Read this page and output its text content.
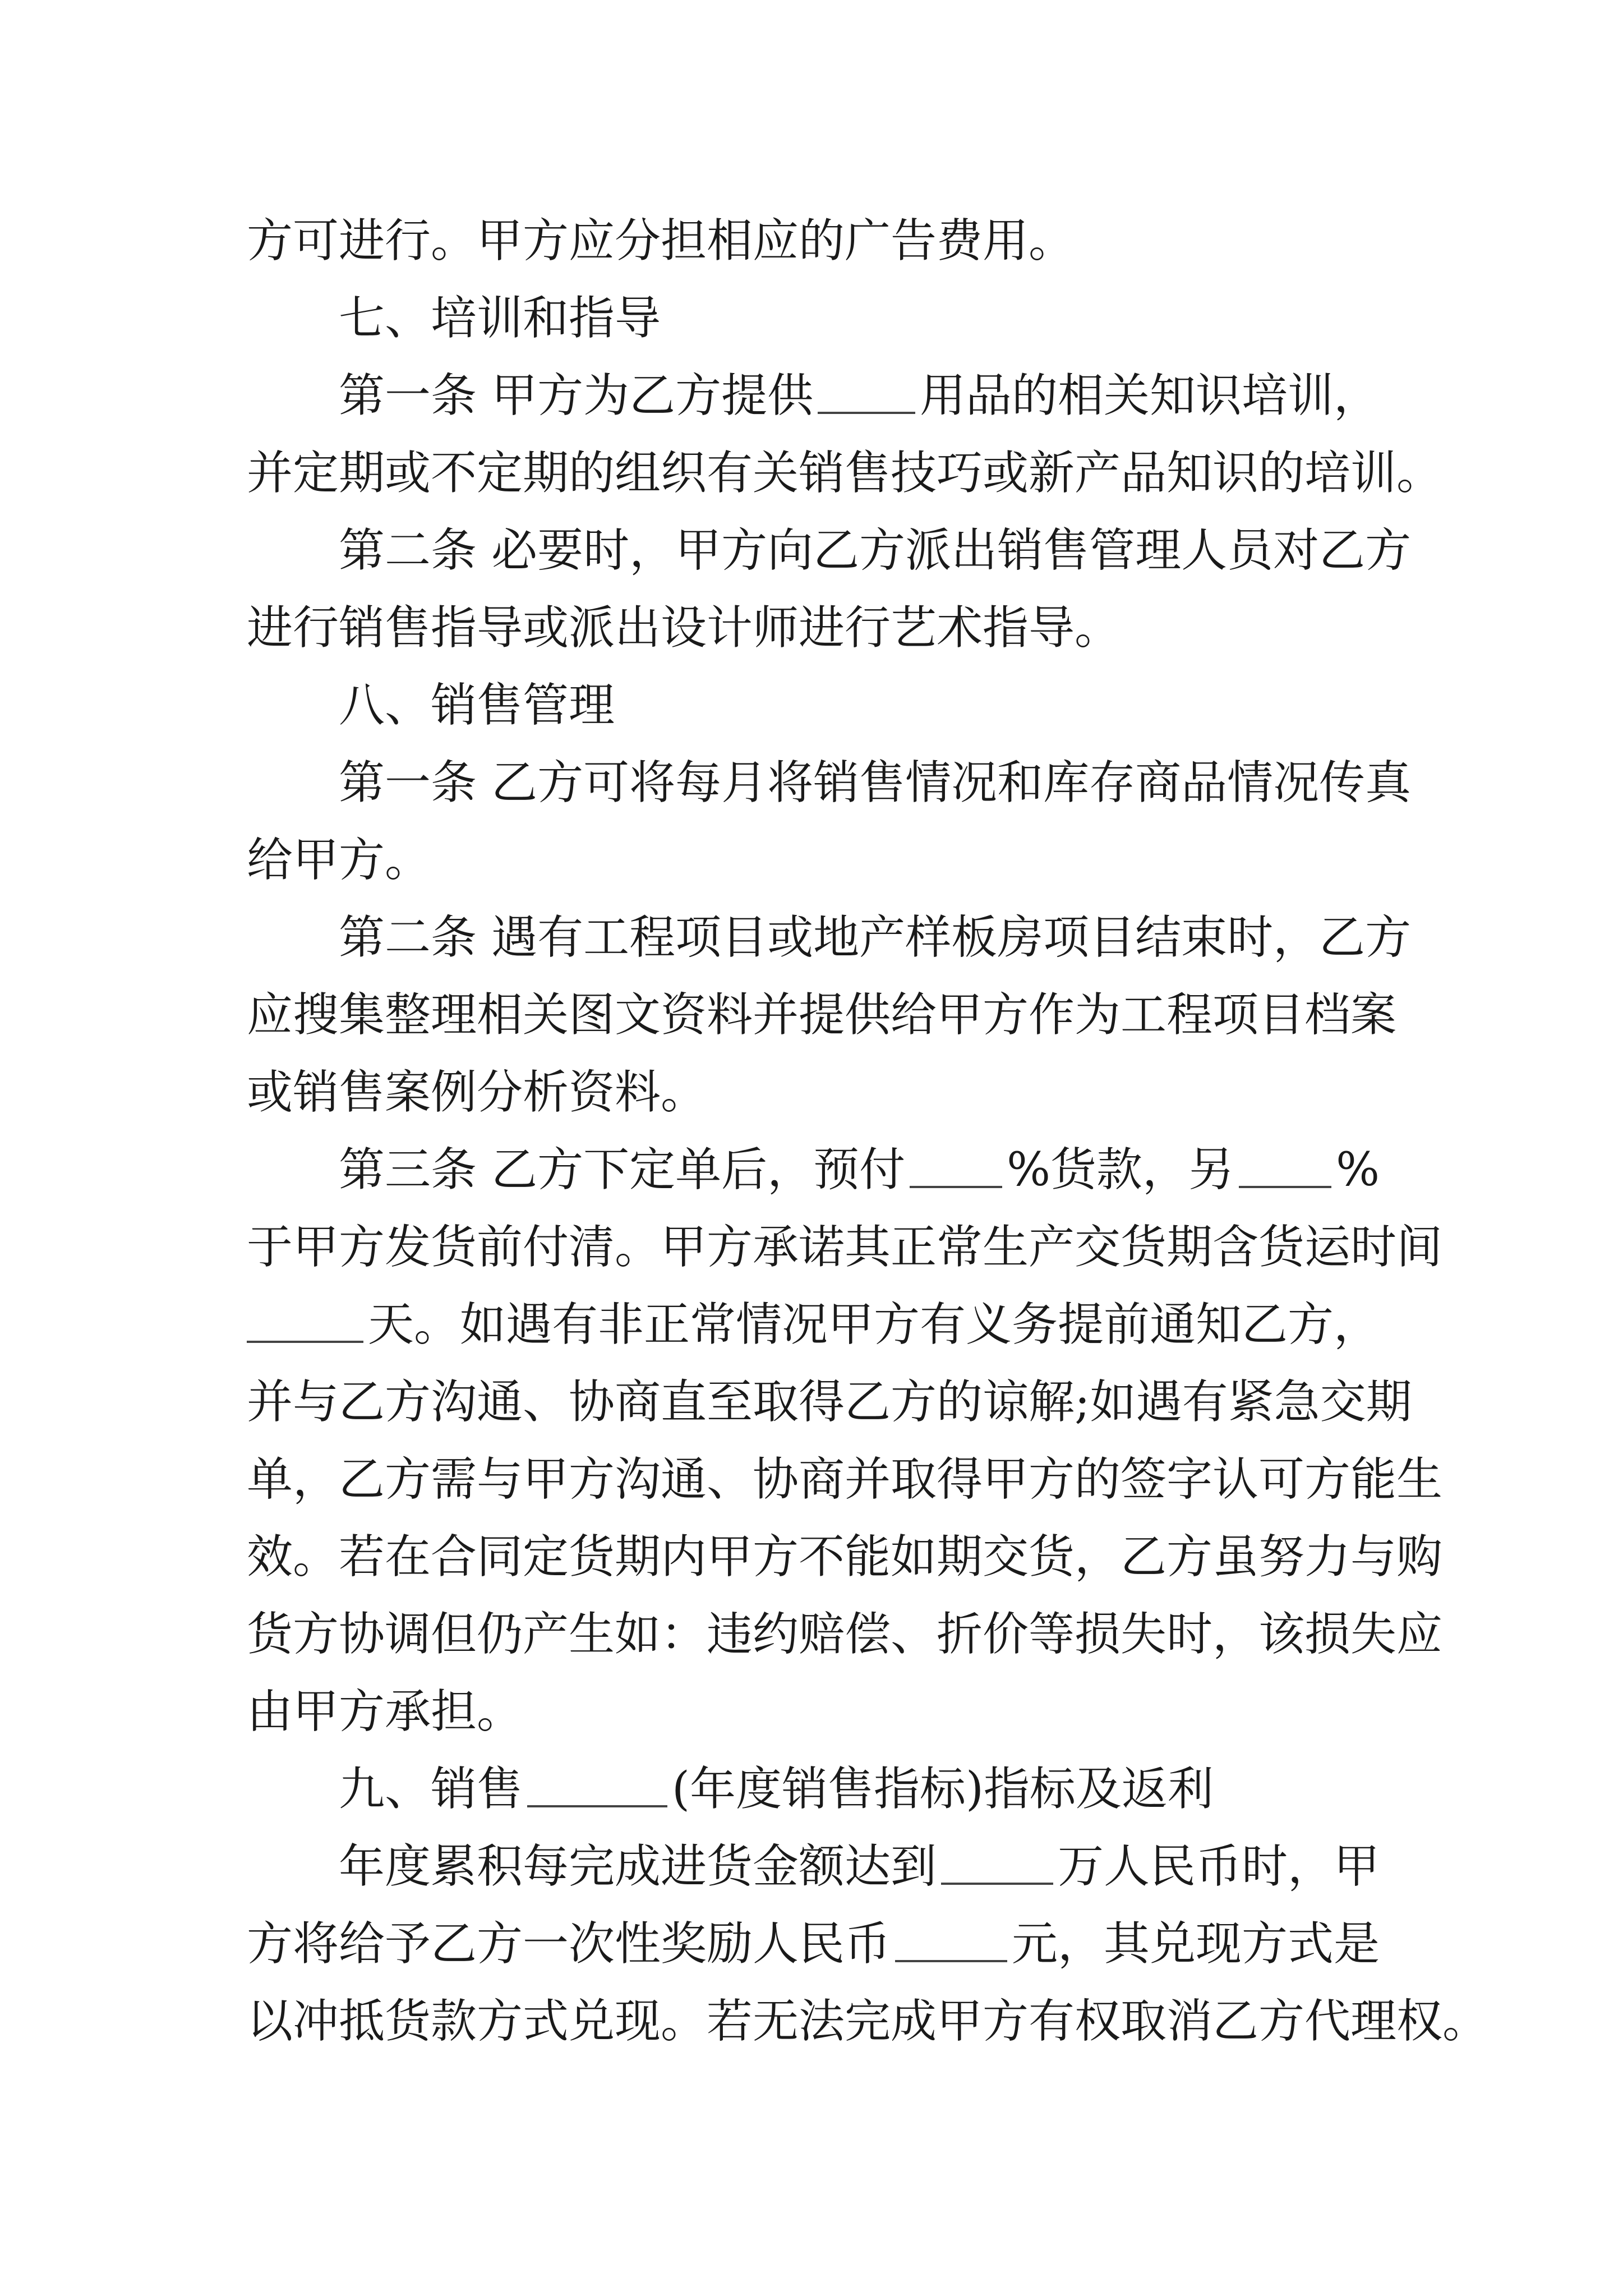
方可进行。甲方应分担相应的广告费用。
七、培训和指导
第一条 甲方为乙方提供 用品的相关知识培训，
并定期或不定期的组织有关销售技巧或新产品知识的培训。
第二条 必要时，甲方向乙方派出销售管理人员对乙方
进行销售指导或派出设计师进行艺术指导。
八、销售管理
第一条 乙方可将每月将销售情况和库存商品情况传真
给甲方。
第二条 遇有工程项目或地产样板房项目结束时，乙方
应搜集整理相关图文资料并提供给甲方作为工程项目档案
或销售案例分析资料。
第三条 乙方下定单后，预付 %货款，另 %
于甲方发货前付清。甲方承诺其正常生产交货期含货运时间
天。如遇有非正常情况甲方有义务提前通知乙方，
并与乙方沟通、协商直至取得乙方的谅解;如遇有紧急交期
单，乙方需与甲方沟通、协商并取得甲方的签字认可方能生
效。若在合同定货期内甲方不能如期交货，乙方虽努力与购
货方协调但仍产生如：违约赔偿、折价等损失时，该损失应
由甲方承担。
九、销售	(年度销售指标)指标及返利
年度累积每完成进货金额达到	万人民币时，甲
方将给予乙方一次性奖励人民币	元，其兑现方式是
以冲抵货款方式兑现。若无法完成甲方有权取消乙方代理权。
